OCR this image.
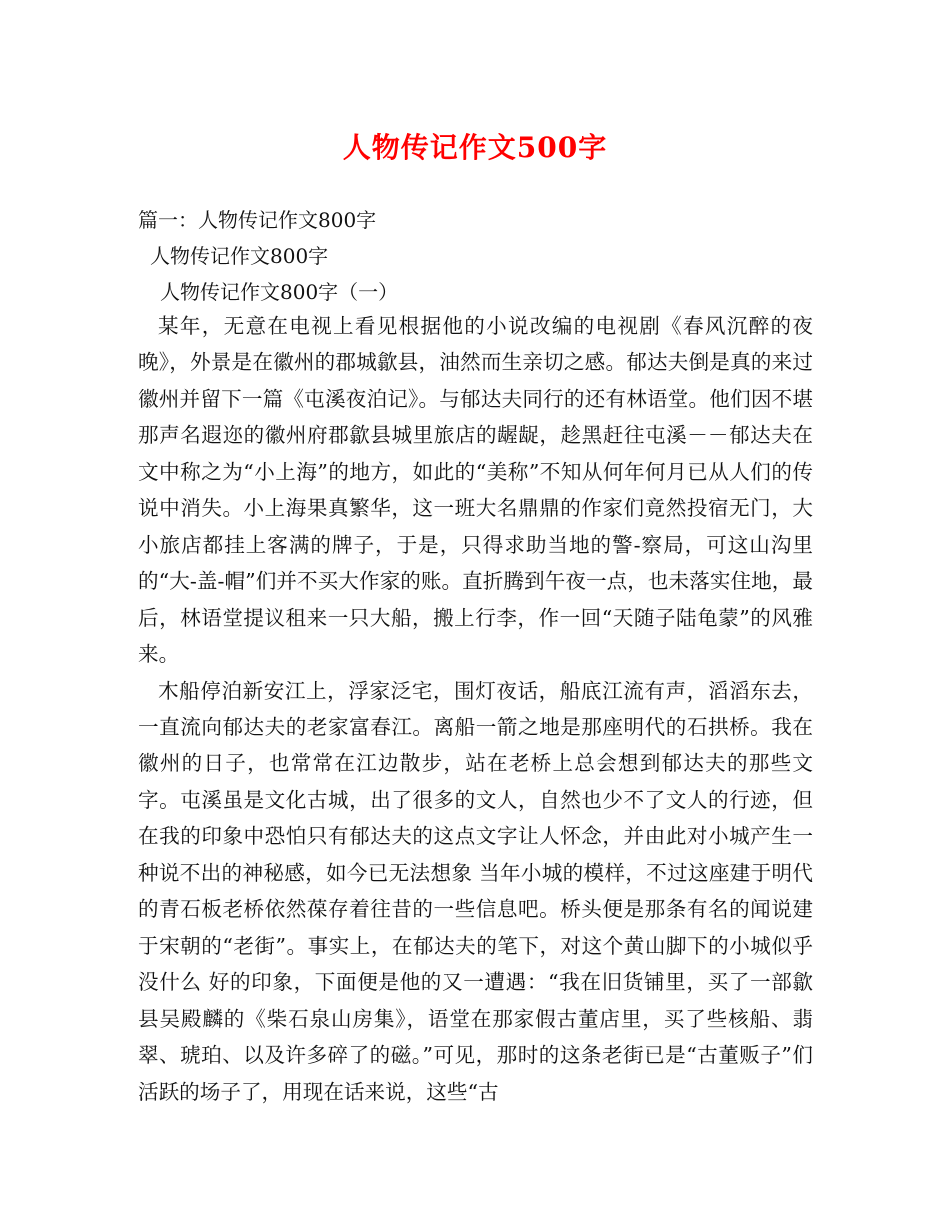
人物传记作文500字
篇一：人物传记作文800字
人物传记作文800字
人物传记作文800字（一）

某年，无意在电视上看见根据他的小说改编的电视剧《春风沉醉的夜晚》，外景是在徽州的郡城歙县，油然而生亲切之感。郁达夫倒是真的来过徽州并留下一篇《屯溪夜泊记》。与郁达夫同行的还有林语堂。他们因不堪那声名遐迩的徽州府郡歙县城里旅店的龌龊，趁黑赶往屯溪－－郁达夫在文中称之为“小上海”的地方，如此的“美称”不知从何年何月已从人们的传说中消失。小上海果真繁华，这一班大名鼎鼎的作家们竟然投宿无门，大小旅店都挂上客满的牌子，于是，只得求助当地的警-察局，可这山沟里的“大-盖-帽”们并不买大作家的账。直折腾到午夜一点，也未落实住地，最后，林语堂提议租来一只大船，搬上行李，作一回“天随子陆龟蒙”的风雅来。

木船停泊新安江上，浮家泛宅，围灯夜话，船底江流有声，滔滔东去，一直流向郁达夫的老家富春江。离船一箭之地是那座明代的石拱桥。我在徽州的日子，也常常在江边散步，站在老桥上总会想到郁达夫的那些文字。屯溪虽是文化古城，出了很多的文人，自然也少不了文人的行迹，但在我的印象中恐怕只有郁达夫的这点文字让人怀念，并由此对小城产生一种说不出的神秘感，如今已无法想象 当年小城的模样，不过这座建于明代的青石板老桥依然葆存着往昔的一些信息吧。桥头便是那条有名的闻说建于宋朝的“老街”。事实上，在郁达夫的笔下，对这个黄山脚下的小城似乎没什么 好的印象，下面便是他的又一遭遇：“我在旧货铺里，买了一部歙县吴殿麟的《柴石泉山房集》，语堂在那家假古董店里，买了些核船、翡翠、琥珀、以及许多碎了的磁。”可见，那时的这条老街已是“古董贩子”们活跃的场子了，用现在话来说，这些“古
